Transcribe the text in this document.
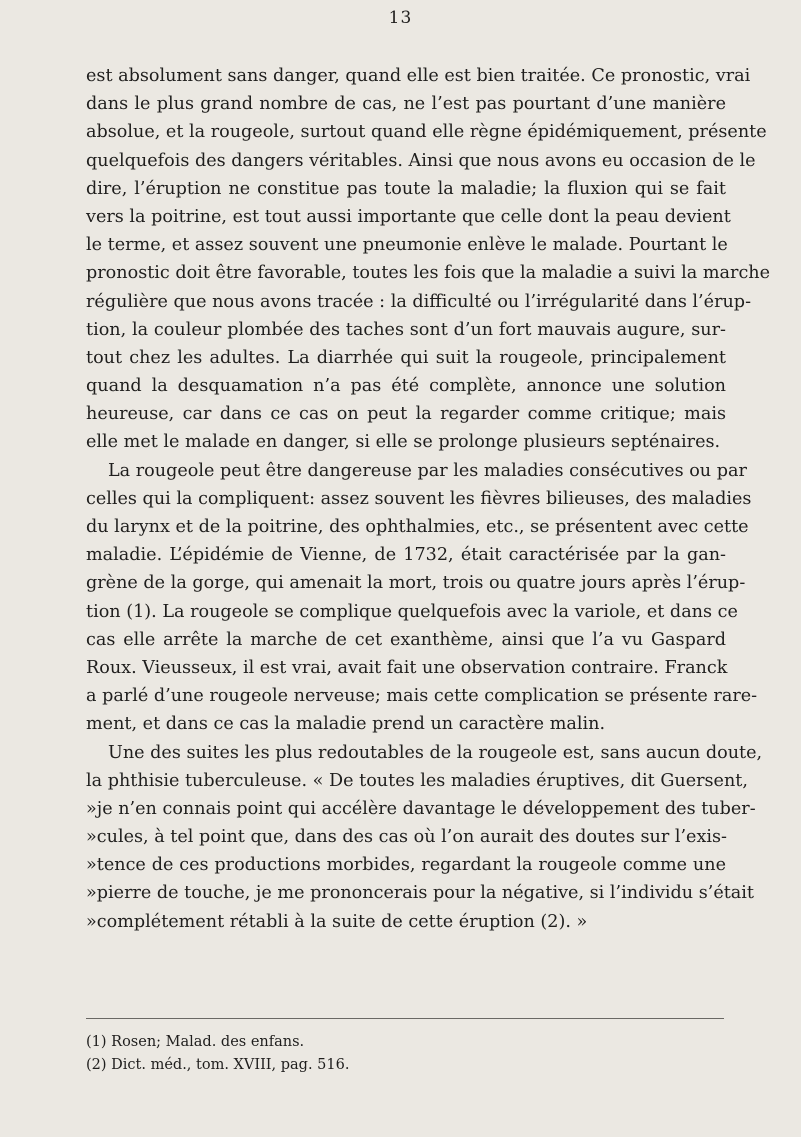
13
est absolument sans danger, quand elle est bien traitée. Ce pronostic, vrai
dans le plus grand nombre de cas, ne l’est pas pourtant d’une manière
absolue, et la rougeole, surtout quand elle règne épidémiquement, présente
quelquefois des dangers véritables. Ainsi que nous avons eu occasion de le
dire, l’éruption ne constitue pas toute la maladie; la fluxion qui se fait
vers la poitrine, est tout aussi importante que celle dont la peau devient
le terme, et assez souvent une pneumonie enlève le malade. Pourtant le
pronostic doit être favorable, toutes les fois que la maladie a suivi la marche
régulière que nous avons tracée : la difficulté ou l’irrégularité dans l’érup-
tion, la couleur plombée des taches sont d’un fort mauvais augure, sur-
tout chez les adultes. La diarrhée qui suit la rougeole, principalement
quand la desquamation n’a pas été complète, annonce une solution
heureuse, car dans ce cas on peut la regarder comme critique; mais
elle met le malade en danger, si elle se prolonge plusieurs septénaires.
La rougeole peut être dangereuse par les maladies consécutives ou par
celles qui la compliquent: assez souvent les fièvres bilieuses, des maladies
du larynx et de la poitrine, des ophthalmies, etc., se présentent avec cette
maladie. L’épidémie de Vienne, de 1732, était caractérisée par la gan-
grène de la gorge, qui amenait la mort, trois ou quatre jours après l’érup-
tion (1). La rougeole se complique quelquefois avec la variole, et dans ce
cas elle arrête la marche de cet exanthème, ainsi que l’a vu Gaspard
Roux. Vieusseux, il est vrai, avait fait une observation contraire. Franck
a parlé d’une rougeole nerveuse; mais cette complication se présente rare-
ment, et dans ce cas la maladie prend un caractère malin.
Une des suites les plus redoutables de la rougeole est, sans aucun doute,
la phthisie tuberculeuse. « De toutes les maladies éruptives, dit Guersent,
»je n’en connais point qui accélère davantage le développement des tuber-
»cules, à tel point que, dans des cas où l’on aurait des doutes sur l’exis-
»tence de ces productions morbides, regardant la rougeole comme une
»pierre de touche, je me prononcerais pour la négative, si l’individu s’était
»complétement rétabli à la suite de cette éruption (2). »
(1) Rosen; Malad. des enfans.
(2) Dict. méd., tom. XVIII, pag. 516.
